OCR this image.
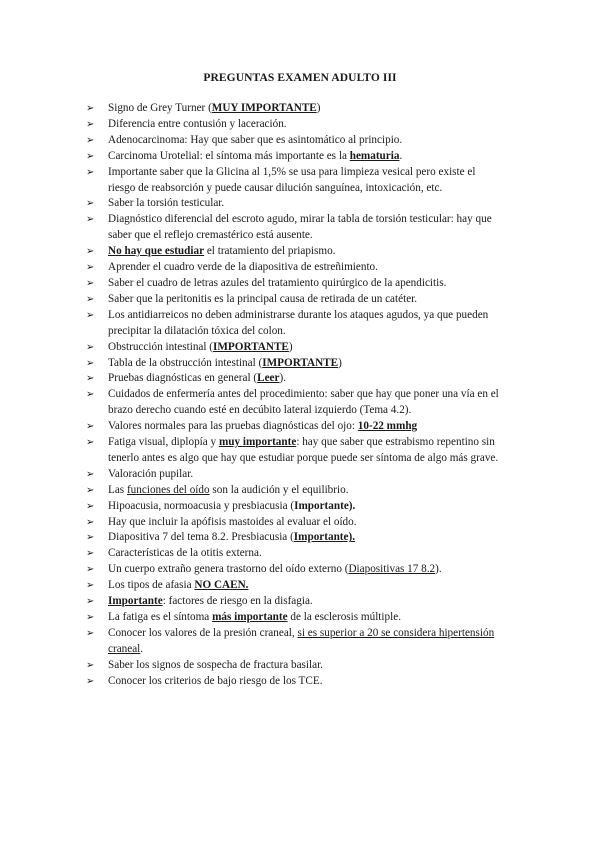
PREGUNTAS EXAMEN ADULTO III
➢ Signo de Grey Turner (MUY IMPORTANTE)
➢ Diferencia entre contusión y laceración.
➢ Adenocarcinoma: Hay que saber que es asintomático al principio.
➢ Carcinoma Urotelial: el síntoma más importante es la hematuria.
➢ Importante saber que la Glicina al 1,5% se usa para limpieza vesical pero existe el riesgo de reabsorción y puede causar dilución sanguínea, intoxicación, etc.
➢ Saber la torsión testicular.
➢ Diagnóstico diferencial del escroto agudo, mirar la tabla de torsión testicular: hay que saber que el reflejo cremastérico está ausente.
➢ No hay que estudiar el tratamiento del priapismo.
➢ Aprender el cuadro verde de la diapositiva de estreñimiento.
➢ Saber el cuadro de letras azules del tratamiento quirúrgico de la apendicitis.
➢ Saber que la peritonitis es la principal causa de retirada de un catéter.
➢ Los antidiarreicos no deben administrarse durante los ataques agudos, ya que pueden precipitar la dilatación tóxica del colon.
➢ Obstrucción intestinal (IMPORTANTE)
➢ Tabla de la obstrucción intestinal (IMPORTANTE)
➢ Pruebas diagnósticas en general (Leer).
➢ Cuidados de enfermería antes del procedimiento: saber que hay que poner una vía en el brazo derecho cuando esté en decúbito lateral izquierdo (Tema 4.2).
➢ Valores normales para las pruebas diagnósticas del ojo: 10-22 mmhg
➢ Fatiga visual, diplopía y muy importante: hay que saber que estrabismo repentino sin tenerlo antes es algo que hay que estudiar porque puede ser síntoma de algo más grave.
➢ Valoración pupilar.
➢ Las funciones del oído son la audición y el equilibrio.
➢ Hipoacusia, normoacusia y presbiacusia (Importante).
➢ Hay que incluir la apófisis mastoides al evaluar el oído.
➢ Diapositiva 7 del tema 8.2. Presbiacusia (Importante).
➢ Características de la otitis externa.
➢ Un cuerpo extraño genera trastorno del oído externo (Diapositivas 17 8.2).
➢ Los tipos de afasia NO CAEN.
➢ Importante: factores de riesgo en la disfagia.
➢ La fatiga es el síntoma más importante de la esclerosis múltiple.
➢ Conocer los valores de la presión craneal, si es superior a 20 se considera hipertensión craneal.
➢ Saber los signos de sospecha de fractura basilar.
➢ Conocer los criterios de bajo riesgo de los TCE.
